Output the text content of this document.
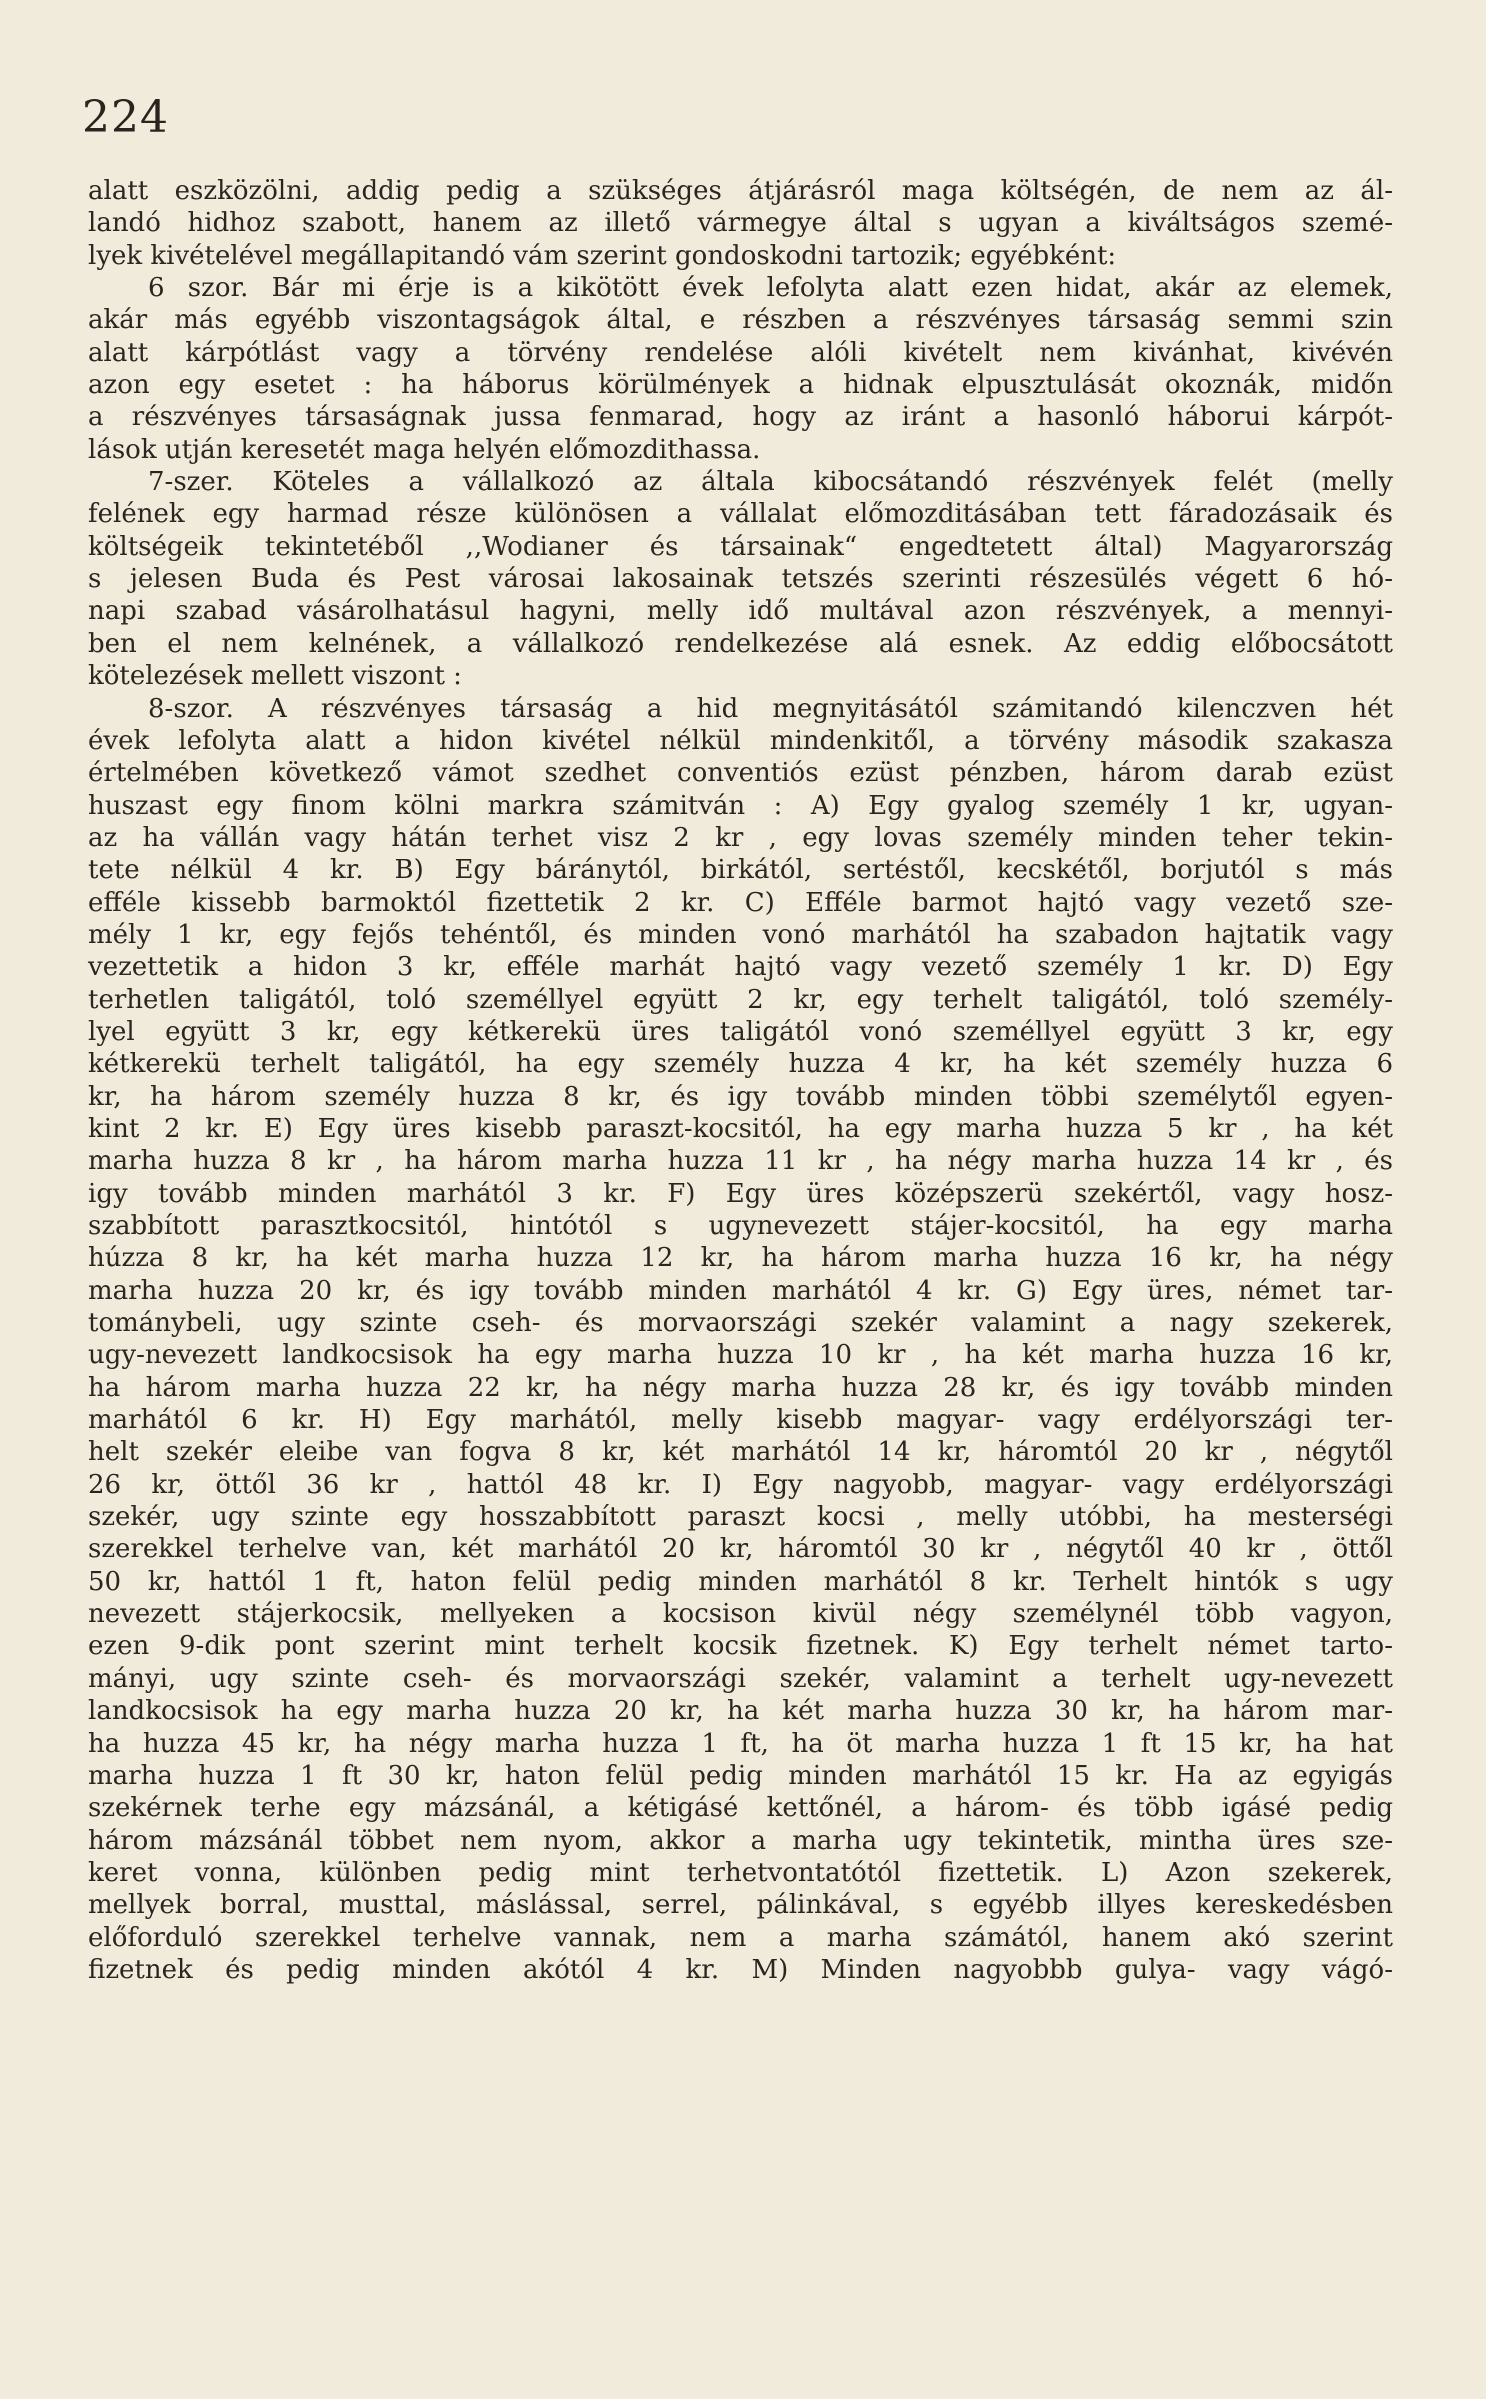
224
alatt eszközölni, addig pedig a szükséges átjárásról maga költségén, de nem az ál-
landó hidhoz szabott, hanem az illető vármegye által s ugyan a kiváltságos szemé-
lyek kivételével megállapitandó vám szerint gondoskodni tartozik; egyébként:
6 szor. Bár mi érje is a kikötött évek lefolyta alatt ezen hidat, akár az elemek,
akár más egyébb viszontagságok által, e részben a részvényes társaság semmi szin
alatt kárpótlást vagy a törvény rendelése alóli kivételt nem kivánhat, kivévén
azon egy esetet : ha háborus körülmények a hidnak elpusztulását okoznák, midőn
a részvényes társaságnak jussa fenmarad, hogy az iránt a hasonló háborui kárpót-
lások utján keresetét maga helyén előmozdithassa.
7-szer. Köteles a vállalkozó az általa kibocsátandó részvények felét (melly
felének egy harmad része különösen a vállalat előmozditásában tett fáradozásaik és
költségeik tekintetéből ,,Wodianer és társainak“ engedtetett által) Magyarország
s jelesen Buda és Pest városai lakosainak tetszés szerinti részesülés végett 6 hó-
napi szabad vásárolhatásul hagyni, melly idő multával azon részvények, a mennyi-
ben el nem kelnének, a vállalkozó rendelkezése alá esnek. Az eddig előbocsátott
kötelezések mellett viszont :
8-szor. A részvényes társaság a hid megnyitásától számitandó kilenczven hét
évek lefolyta alatt a hidon kivétel nélkül mindenkitől, a törvény második szakasza
értelmében következő vámot szedhet conventiós ezüst pénzben, három darab ezüst
huszast egy finom kölni markra számitván : A) Egy gyalog személy 1 kr, ugyan-
az ha vállán vagy hátán terhet visz 2 kr , egy lovas személy minden teher tekin-
tete nélkül 4 kr. B) Egy báránytól, birkától, sertéstől, kecskétől, borjutól s más
efféle kissebb barmoktól fizettetik 2 kr. C) Efféle barmot hajtó vagy vezető sze-
mély 1 kr, egy fejős tehéntől, és minden vonó marhától ha szabadon hajtatik vagy
vezettetik a hidon 3 kr, efféle marhát hajtó vagy vezető személy 1 kr. D) Egy
terhetlen taligától, toló személlyel együtt 2 kr, egy terhelt taligától, toló személy-
lyel együtt 3 kr, egy kétkerekü üres taligától vonó személlyel együtt 3 kr, egy
kétkerekü terhelt taligától, ha egy személy huzza 4 kr, ha két személy huzza 6
kr, ha három személy huzza 8 kr, és igy tovább minden többi személytől egyen-
kint 2 kr. E) Egy üres kisebb paraszt-kocsitól, ha egy marha huzza 5 kr , ha két
marha huzza 8 kr , ha három marha huzza 11 kr , ha négy marha huzza 14 kr , és
igy tovább minden marhától 3 kr. F) Egy üres középszerü szekértől, vagy hosz-
szabbított parasztkocsitól, hintótól s ugynevezett stájer-kocsitól, ha egy marha
húzza 8 kr, ha két marha huzza 12 kr, ha három marha huzza 16 kr, ha négy
marha huzza 20 kr, és igy tovább minden marhától 4 kr. G) Egy üres, német tar-
tománybeli, ugy szinte cseh- és morvaországi szekér valamint a nagy szekerek,
ugy-nevezett landkocsisok ha egy marha huzza 10 kr , ha két marha huzza 16 kr,
ha három marha huzza 22 kr, ha négy marha huzza 28 kr, és igy tovább minden
marhától 6 kr. H) Egy marhától, melly kisebb magyar- vagy erdélyországi ter-
helt szekér eleibe van fogva 8 kr, két marhától 14 kr, háromtól 20 kr , négytől
26 kr, öttől 36 kr , hattól 48 kr. I) Egy nagyobb, magyar- vagy erdélyországi
szekér, ugy szinte egy hosszabbított paraszt kocsi , melly utóbbi, ha mesterségi
szerekkel terhelve van, két marhától 20 kr, háromtól 30 kr , négytől 40 kr , öttől
50 kr, hattól 1 ft, haton felül pedig minden marhától 8 kr. Terhelt hintók s ugy
nevezett stájerkocsik, mellyeken a kocsison kivül négy személynél több vagyon,
ezen 9-dik pont szerint mint terhelt kocsik fizetnek. K) Egy terhelt német tarto-
mányi, ugy szinte cseh- és morvaországi szekér, valamint a terhelt ugy-nevezett
landkocsisok ha egy marha huzza 20 kr, ha két marha huzza 30 kr, ha három mar-
ha huzza 45 kr, ha négy marha huzza 1 ft, ha öt marha huzza 1 ft 15 kr, ha hat
marha huzza 1 ft 30 kr, haton felül pedig minden marhától 15 kr. Ha az egyigás
szekérnek terhe egy mázsánál, a kétigásé kettőnél, a három- és több igásé pedig
három mázsánál többet nem nyom, akkor a marha ugy tekintetik, mintha üres sze-
keret vonna, különben pedig mint terhetvontatótól fizettetik. L) Azon szekerek,
mellyek borral, musttal, máslással, serrel, pálinkával, s egyébb illyes kereskedésben
előforduló szerekkel terhelve vannak, nem a marha számától, hanem akó szerint
fizetnek és pedig minden akótól 4 kr. M) Minden nagyobbb gulya- vagy vágó-
